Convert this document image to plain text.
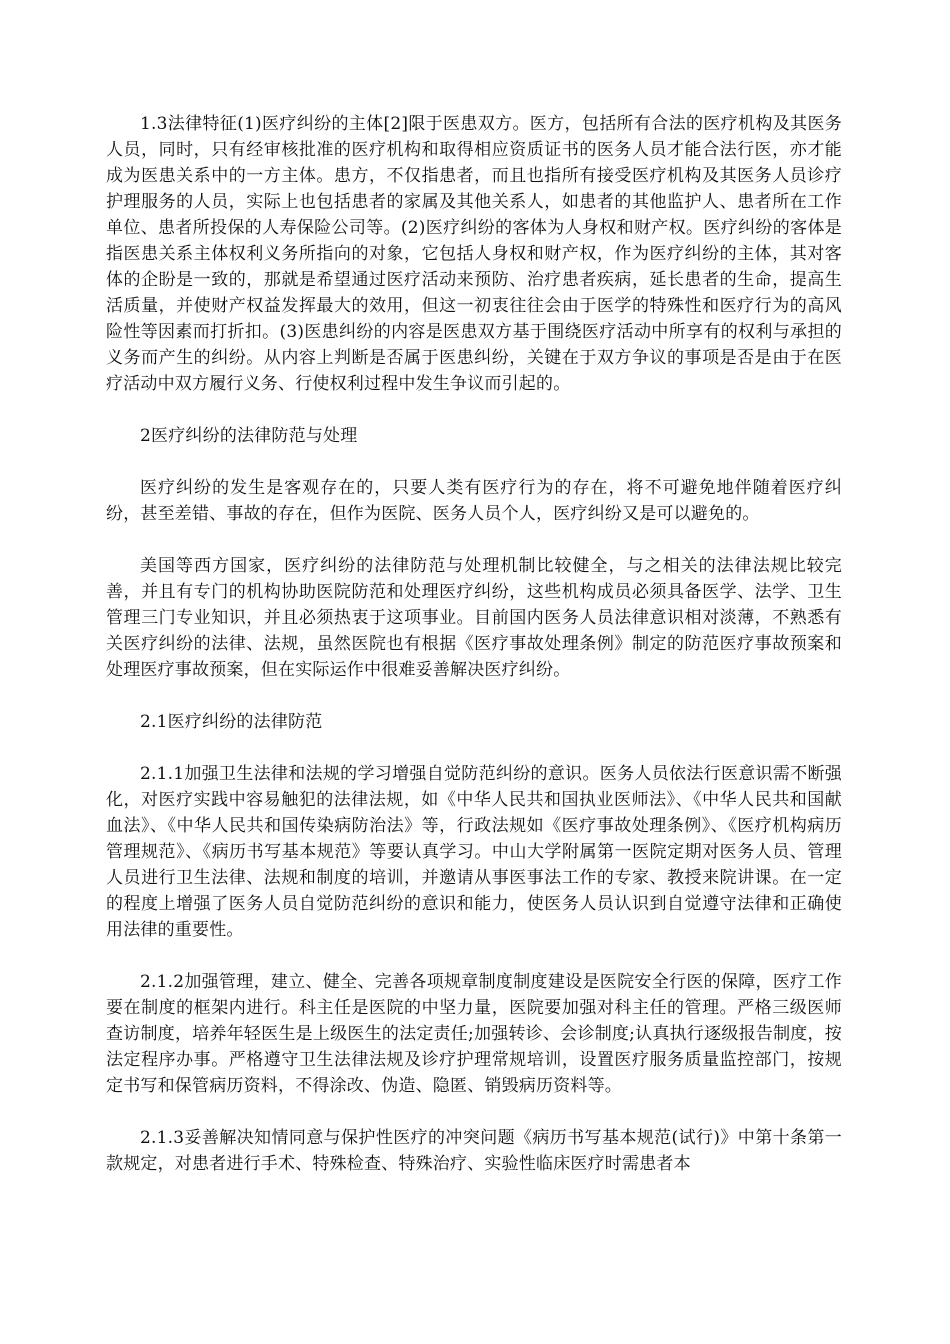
1.3法律特征(1)医疗纠纷的主体[2]限于医患双方。医方，包括所有合法的医疗机构及其医务人员，同时，只有经审核批准的医疗机构和取得相应资质证书的医务人员才能合法行医，亦才能成为医患关系中的一方主体。患方，不仅指患者，而且也指所有接受医疗机构及其医务人员诊疗护理服务的人员，实际上也包括患者的家属及其他关系人，如患者的其他监护人、患者所在工作单位、患者所投保的人寿保险公司等。(2)医疗纠纷的客体为人身权和财产权。医疗纠纷的客体是指医患关系主体权利义务所指向的对象，它包括人身权和财产权，作为医疗纠纷的主体，其对客体的企盼是一致的，那就是希望通过医疗活动来预防、治疗患者疾病，延长患者的生命，提高生活质量，并使财产权益发挥最大的效用，但这一初衷往往会由于医学的特殊性和医疗行为的高风险性等因素而打折扣。(3)医患纠纷的内容是医患双方基于围绕医疗活动中所享有的权利与承担的义务而产生的纠纷。从内容上判断是否属于医患纠纷，关键在于双方争议的事项是否是由于在医疗活动中双方履行义务、行使权利过程中发生争议而引起的。

2医疗纠纷的法律防范与处理

医疗纠纷的发生是客观存在的，只要人类有医疗行为的存在，将不可避免地伴随着医疗纠纷，甚至差错、事故的存在，但作为医院、医务人员个人，医疗纠纷又是可以避免的。

美国等西方国家，医疗纠纷的法律防范与处理机制比较健全，与之相关的法律法规比较完善，并且有专门的机构协助医院防范和处理医疗纠纷，这些机构成员必须具备医学、法学、卫生管理三门专业知识，并且必须热衷于这项事业。目前国内医务人员法律意识相对淡薄，不熟悉有关医疗纠纷的法律、法规，虽然医院也有根据《医疗事故处理条例》制定的防范医疗事故预案和处理医疗事故预案，但在实际运作中很难妥善解决医疗纠纷。

2.1医疗纠纷的法律防范

2.1.1加强卫生法律和法规的学习增强自觉防范纠纷的意识。医务人员依法行医意识需不断强化，对医疗实践中容易触犯的法律法规，如《中华人民共和国执业医师法》、《中华人民共和国献血法》、《中华人民共和国传染病防治法》等，行政法规如《医疗事故处理条例》、《医疗机构病历管理规范》、《病历书写基本规范》等要认真学习。中山大学附属第一医院定期对医务人员、管理人员进行卫生法律、法规和制度的培训，并邀请从事医事法工作的专家、教授来院讲课。在一定的程度上增强了医务人员自觉防范纠纷的意识和能力，使医务人员认识到自觉遵守法律和正确使用法律的重要性。

2.1.2加强管理，建立、健全、完善各项规章制度制度建设是医院安全行医的保障，医疗工作要在制度的框架内进行。科主任是医院的中坚力量，医院要加强对科主任的管理。严格三级医师查访制度，培养年轻医生是上级医生的法定责任;加强转诊、会诊制度;认真执行逐级报告制度，按法定程序办事。严格遵守卫生法律法规及诊疗护理常规培训，设置医疗服务质量监控部门，按规定书写和保管病历资料，不得涂改、伪造、隐匿、销毁病历资料等。

2.1.3妥善解决知情同意与保护性医疗的冲突问题《病历书写基本规范(试行)》中第十条第一款规定，对患者进行手术、特殊检查、特殊治疗、实验性临床医疗时需患者本
